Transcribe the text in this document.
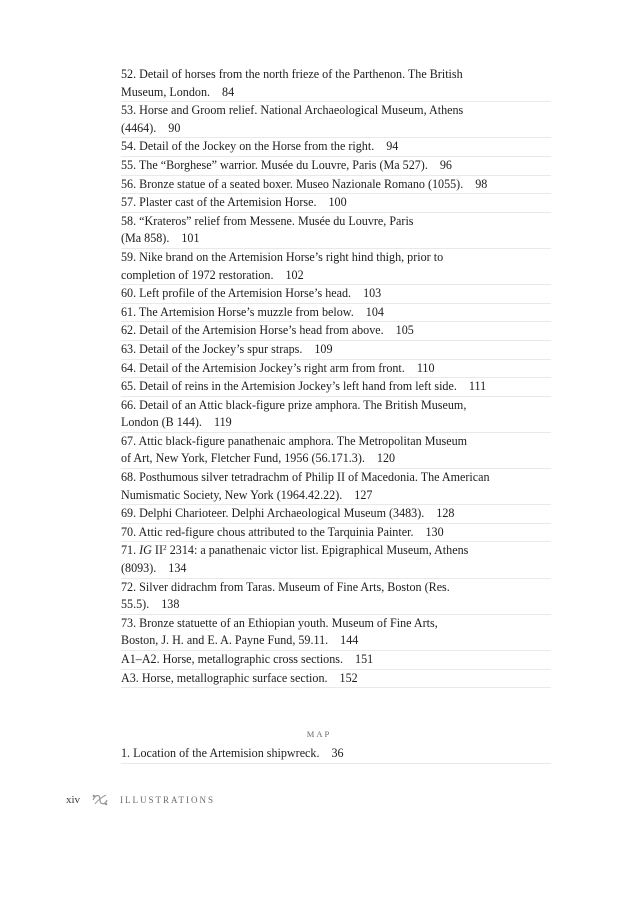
52. Detail of horses from the north frieze of the Parthenon. The British
Museum, London. 84
53. Horse and Groom relief. National Archaeological Museum, Athens
(4464). 90
54. Detail of the Jockey on the Horse from the right. 94
55. The “Borghese” warrior. Musée du Louvre, Paris (Ma 527). 96
56. Bronze statue of a seated boxer. Museo Nazionale Romano (1055). 98
57. Plaster cast of the Artemision Horse. 100
58. “Krateros” relief from Messene. Musée du Louvre, Paris
(Ma 858). 101
59. Nike brand on the Artemision Horse’s right hind thigh, prior to
completion of 1972 restoration. 102
60. Left profile of the Artemision Horse’s head. 103
61. The Artemision Horse’s muzzle from below. 104
62. Detail of the Artemision Horse’s head from above. 105
63. Detail of the Jockey’s spur straps. 109
64. Detail of the Artemision Jockey’s right arm from front. 110
65. Detail of reins in the Artemision Jockey’s left hand from left side. 111
66. Detail of an Attic black-figure prize amphora. The British Museum,
London (B 144). 119
67. Attic black-figure panathenaic amphora. The Metropolitan Museum
of Art, New York, Fletcher Fund, 1956 (56.171.3). 120
68. Posthumous silver tetradrachm of Philip II of Macedonia. The American
Numismatic Society, New York (1964.42.22). 127
69. Delphi Charioteer. Delphi Archaeological Museum (3483). 128
70. Attic red-figure chous attributed to the Tarquinia Painter. 130
71. IG $II^2$ 2314: a panathenaic victor list. Epigraphical Museum, Athens
(8093). 134
72. Silver didrachm from Taras. Museum of Fine Arts, Boston (Res.
55.5). 138
73. Bronze statuette of an Ethiopian youth. Museum of Fine Arts,
Boston, J. H. and E. A. Payne Fund, 59.11. 144
A1–A2. Horse, metallographic cross sections. 151
A3. Horse, metallographic surface section. 152
MAP
1. Location of the Artemision shipwreck. 36
xiv	ILLUSTRATIONS
